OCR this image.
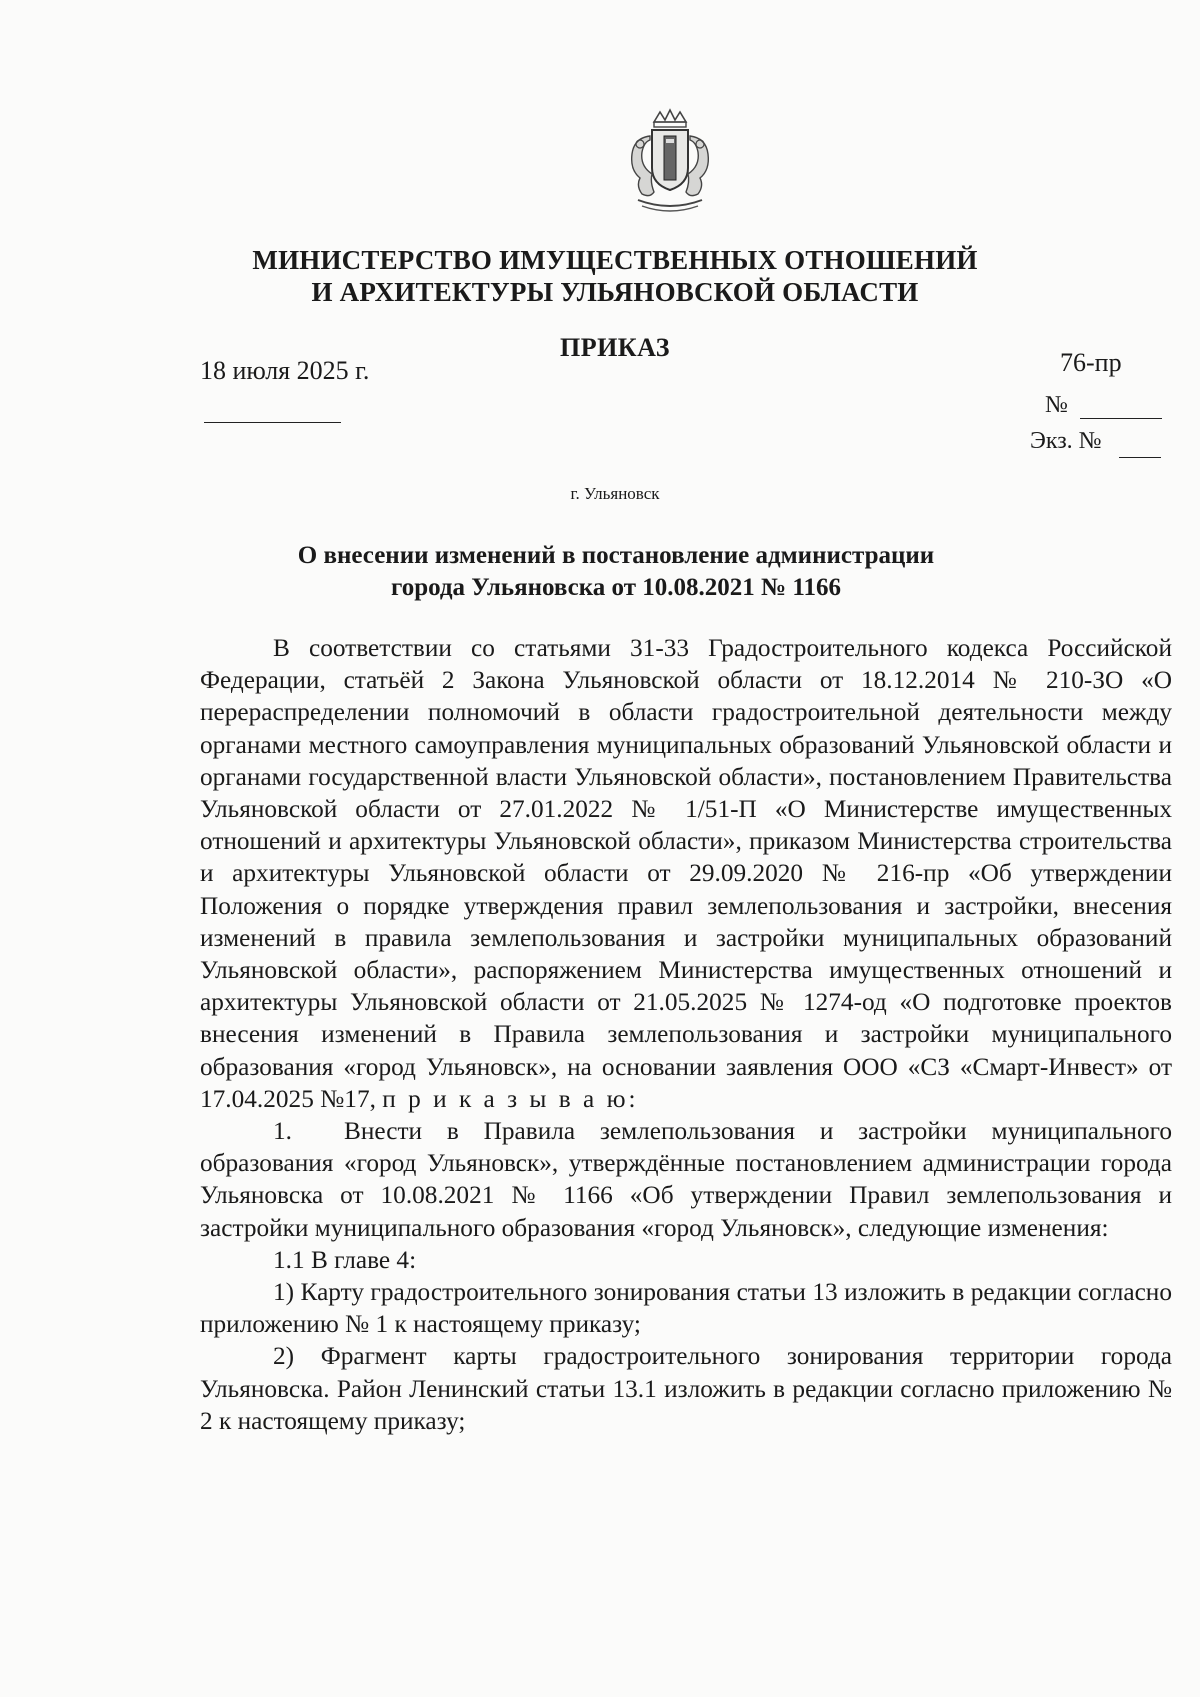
МИНИСТЕРСТВО ИМУЩЕСТВЕННЫХ ОТНОШЕНИЙ
И АРХИТЕКТУРЫ УЛЬЯНОВСКОЙ ОБЛАСТИ
ПРИКАЗ
18 июля 2025 г.	76-пр
№
Экз. №
г. Ульяновск
О внесении изменений в постановление администрации
города Ульяновска от 10.08.2021 № 1166

В соответствии со статьями 31-33 Градостроительного кодекса Российской Федерации, статьёй 2 Закона Ульяновской области от 18.12.2014 № 210-ЗО «О перераспределении полномочий в области градостроительной деятельности между органами местного самоуправления муниципальных образований Ульяновской области и органами государственной власти Ульяновской области», постановлением Правительства Ульяновской области от 27.01.2022 № 1/51-П «О Министерстве имущественных отношений и архитектуры Ульяновской области», приказом Министерства строительства и архитектуры Ульяновской области от 29.09.2020 № 216-пр «Об утверждении Положения о порядке утверждения правил землепользования и застройки, внесения изменений в правила землепользования и застройки муниципальных образований Ульяновской области», распоряжением Министерства имущественных отношений и архитектуры Ульяновской области от 21.05.2025 № 1274-од «О подготовке проектов внесения изменений в Правила землепользования и застройки муниципального образования «город Ульяновск», на основании заявления ООО «СЗ «Смарт-Инвест» от 17.04.2025 №17, п р и к а з ы в а ю:

1. Внести в Правила землепользования и застройки муниципального образования «город Ульяновск», утверждённые постановлением администрации города Ульяновска от 10.08.2021 № 1166 «Об утверждении Правил землепользования и застройки муниципального образования «город Ульяновск», следующие изменения:

1.1 В главе 4:

1) Карту градостроительного зонирования статьи 13 изложить в редакции согласно приложению № 1 к настоящему приказу;

2) Фрагмент карты градостроительного зонирования территории города Ульяновска. Район Ленинский статьи 13.1 изложить в редакции согласно приложению № 2 к настоящему приказу;
